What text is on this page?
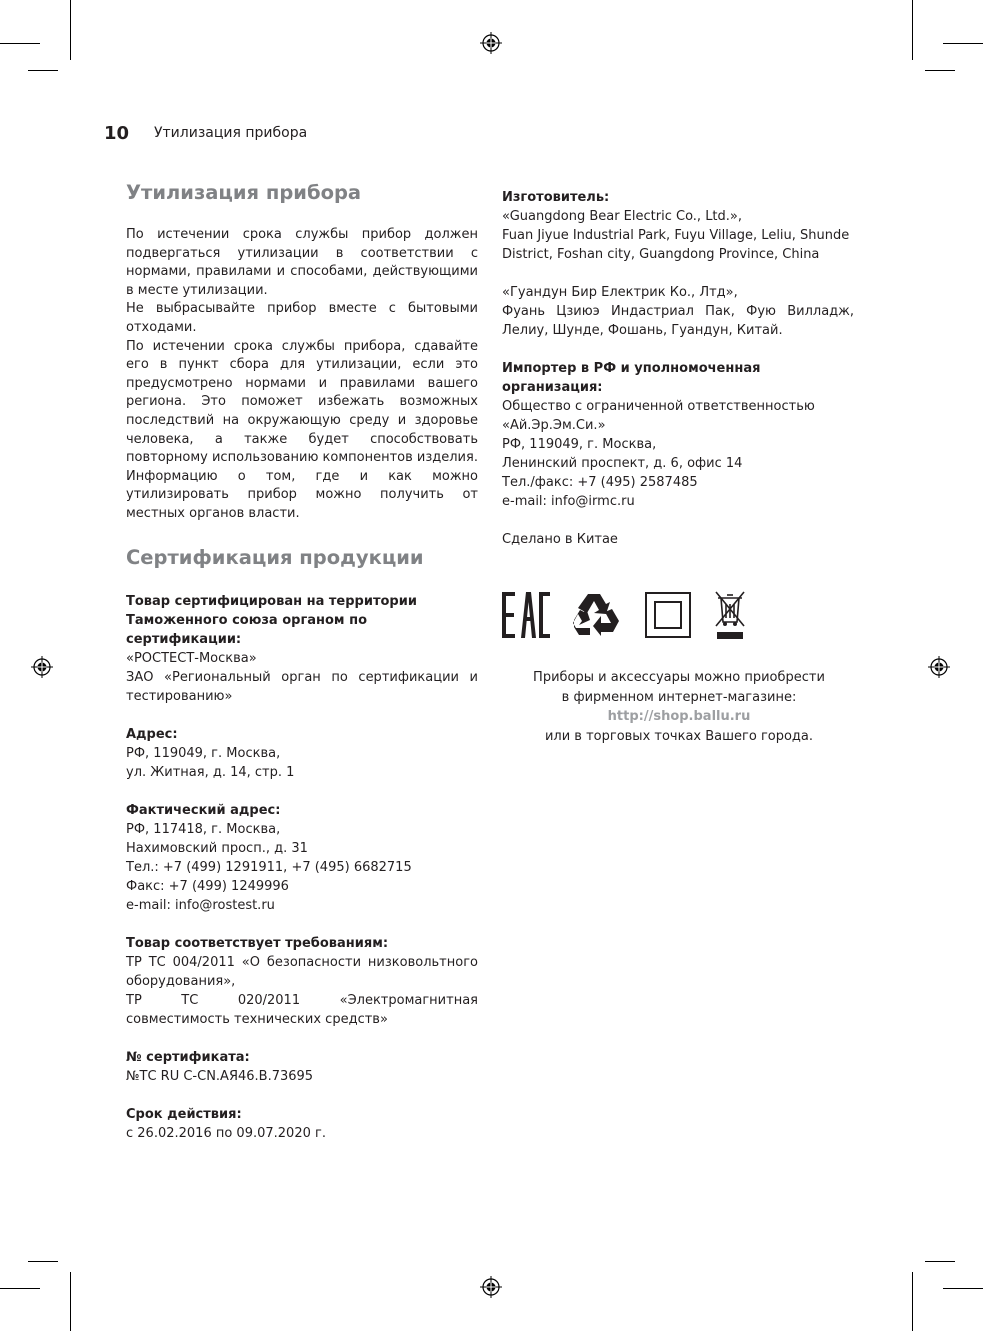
10 Утилизация прибора
Утилизация прибора

По истечении срока службы прибор должен подвергаться утилизации в соответствии с нормами, правилами и способами, действующими в месте утилизации.

Не выбрасывайте прибор вместе с бытовыми отходами.

По истечении срока службы прибора, сдавайте его в пункт сбора для утилизации, если это предусмотрено нормами и правилами вашего региона. Это поможет избежать возможных последствий на окружающую среду и здоровье человека, а также будет способствовать повторному использованию компонентов изделия.

Информацию о том, где и как можно утилизировать прибор можно получить от местных органов власти.

Сертификация продукции

Товар сертифицирован на территории

Таможенного союза органом по сертификации:

«РОСТЕСТ-Москва»

ЗАО «Региональный орган по сертификации и тестированию»

Адрес:

РФ, 119049, г. Москва,

ул. Житная, д. 14, стр. 1

Фактический адрес:

РФ, 117418, г. Москва,

Нахимовский просп., д. 31

Тел.: +7 (499) 1291911, +7 (495) 6682715

Факс: +7 (499) 1249996

e-mail: info@rostest.ru

Товар соответствует требованиям:

ТР ТС 004/2011 «О безопасности низковольтного оборудования»,

ТР ТС 020/2011 «Электромагнитная совместимость технических средств»

№ сертификата:

№ТС RU C-CN.АЯ46.В.73695

Срок действия:

с 26.02.2016 по 09.07.2020 г.

Изготовитель:

«Guangdong Bear Electric Co., Ltd.»,

Fuan Jiyue Industrial Park, Fuyu Village, Leliu, Shunde

District, Foshan city, Guangdong Province, China

«Гуандун Бир Електрик Ко., Лтд»,

Фуань Цзиюэ Индастриал Пак, Фую Вилладж,

Лелиу, Шунде, Фошань, Гуандун, Китай.

Импортер в РФ и уполномоченная

организация:

Общество с ограниченной ответственностью

«Ай.Эр.Эм.Си.»

РФ, 119049, г. Москва,

Ленинский проспект, д. 6, офис 14

Тел./факс: +7 (495) 2587485

e-mail: info@irmc.ru

Сделано в Китае

Приборы и аксессуары можно приобрести

в фирменном интернет-магазине:

http://shop.ballu.ru

или в торговых точках Вашего города.
